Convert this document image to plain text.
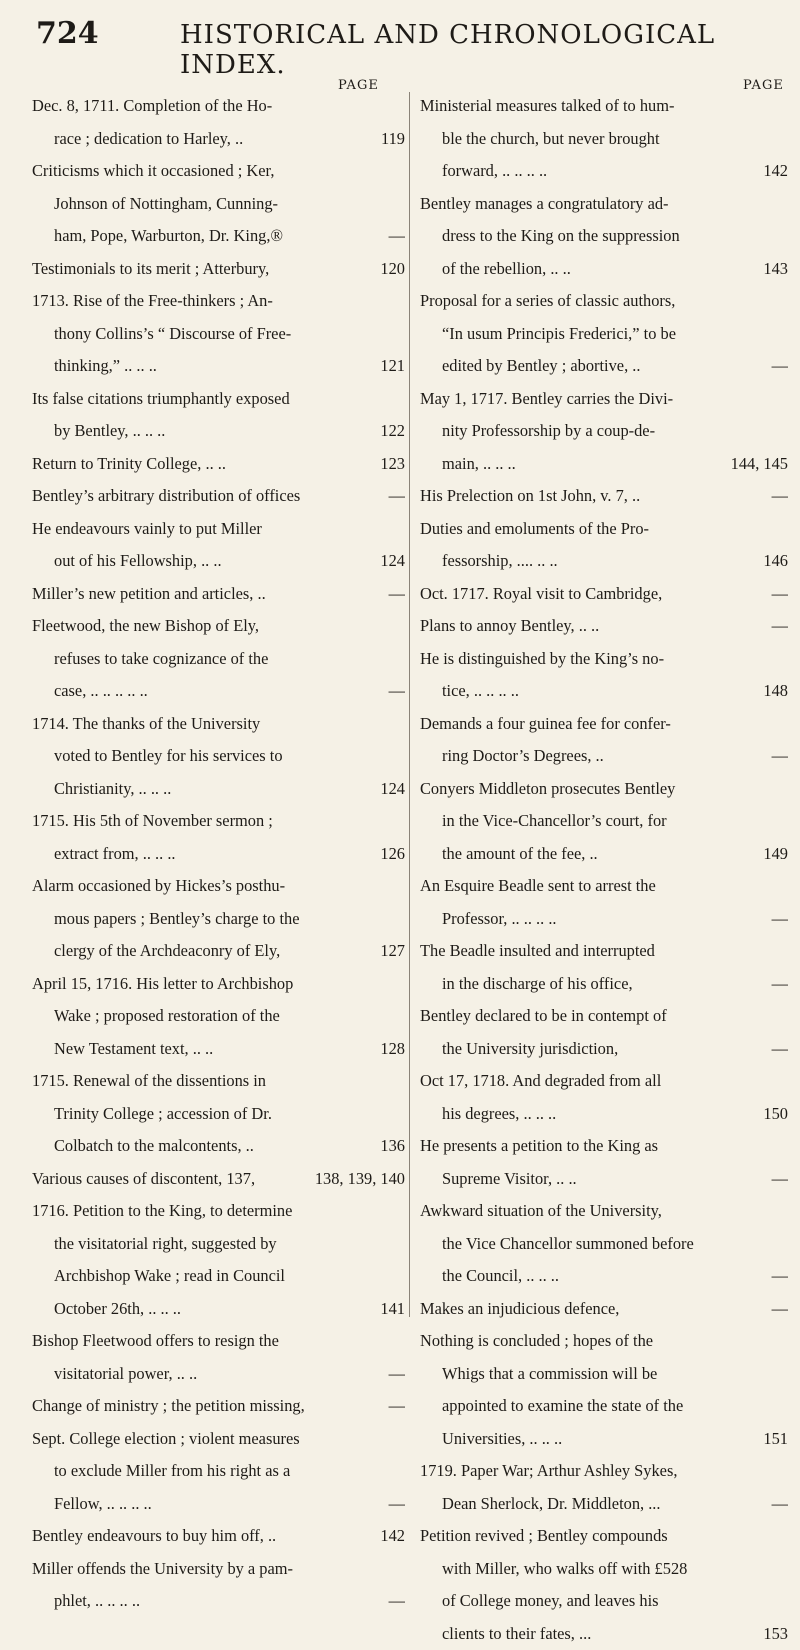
724	HISTORICAL AND CHRONOLOGICAL INDEX.
PAGE	PAGE
Dec. 8, 1711. Completion of the Ho-
race ; dedication to Harley, ..	119
Criticisms which it occasioned ; Ker,
Johnson of Nottingham, Cunning-
ham, Pope, Warburton, Dr. King,®	—
Testimonials to its merit ; Atterbury,	120
1713. Rise of the Free-thinkers ; An-
thony Collins’s “ Discourse of Free-
thinking,” .. .. ..	121
Its false citations triumphantly exposed
by Bentley, .. .. ..	122
Return to Trinity College, .. ..	123
Bentley’s arbitrary distribution of offices	—
He endeavours vainly to put Miller
out of his Fellowship, .. ..	124
Miller’s new petition and articles, ..	—
Fleetwood, the new Bishop of Ely,
refuses to take cognizance of the
case, .. .. .. .. ..	—
1714. The thanks of the University
voted to Bentley for his services to
Christianity, .. .. ..	124
1715. His 5th of November sermon ;
extract from, .. .. ..	126
Alarm occasioned by Hickes’s posthu-
mous papers ; Bentley’s charge to the
clergy of the Archdeaconry of Ely,	127
April 15, 1716. His letter to Archbishop
Wake ; proposed restoration of the
New Testament text, .. ..	128
1715. Renewal of the dissentions in
Trinity College ; accession of Dr.
Colbatch to the malcontents, ..	136
Various causes of discontent, 137,	138, 139, 140
1716. Petition to the King, to determine
the visitatorial right, suggested by
Archbishop Wake ; read in Council
October 26th, .. .. ..	141
Bishop Fleetwood offers to resign the
visitatorial power, .. ..	—
Change of ministry ; the petition missing,	—
Sept. College election ; violent measures
to exclude Miller from his right as a
Fellow, .. .. .. ..	—
Bentley endeavours to buy him off, ..	142
Miller offends the University by a pam-
phlet, .. .. .. ..	—
Ministerial measures talked of to hum-
ble the church, but never brought
forward, .. .. .. ..	142
Bentley manages a congratulatory ad-
dress to the King on the suppression
of the rebellion, .. ..	143
Proposal for a series of classic authors,
“In usum Principis Frederici,” to be
edited by Bentley ; abortive, ..	—
May 1, 1717. Bentley carries the Divi-
nity Professorship by a coup-de-
main, .. .. ..	144, 145
His Prelection on 1st John, v. 7, ..	—
Duties and emoluments of the Pro-
fessorship, .... .. ..	146
Oct. 1717. Royal visit to Cambridge,	—
Plans to annoy Bentley, .. ..	—
He is distinguished by the King’s no-
tice, .. .. .. ..	148
Demands a four guinea fee for confer-
ring Doctor’s Degrees, ..	—
Conyers Middleton prosecutes Bentley
in the Vice-Chancellor’s court, for
the amount of the fee, ..	149
An Esquire Beadle sent to arrest the
Professor, .. .. .. ..	—
The Beadle insulted and interrupted
in the discharge of his office,	—
Bentley declared to be in contempt of
the University jurisdiction,	—
Oct 17, 1718. And degraded from all
his degrees, .. .. ..	150
He presents a petition to the King as
Supreme Visitor, .. ..	—
Awkward situation of the University,
the Vice Chancellor summoned before
the Council, .. .. ..	—
Makes an injudicious defence,	—
Nothing is concluded ; hopes of the
Whigs that a commission will be
appointed to examine the state of the
Universities, .. .. ..	151
1719. Paper War; Arthur Ashley Sykes,
Dean Sherlock, Dr. Middleton, ...	—
Petition revived ; Bentley compounds
with Miller, who walks off with £528
of College money, and leaves his
clients to their fates, ...	153
